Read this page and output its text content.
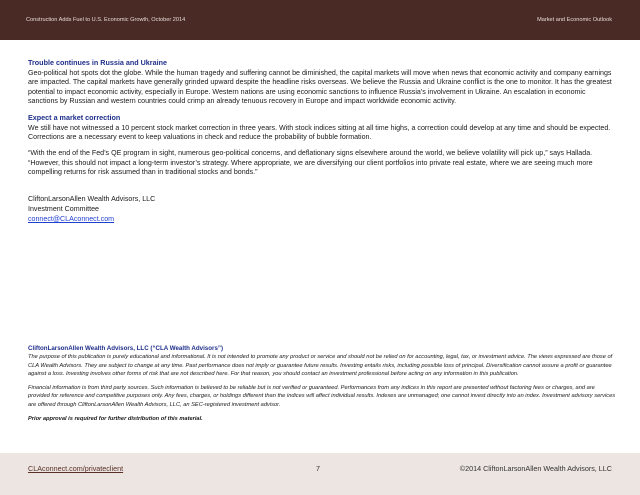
Construction Adds Fuel to U.S. Economic Growth, October 2014	Market and Economic Outlook

Trouble continues in Russia and Ukraine

Geo-political hot spots dot the globe. While the human tragedy and suffering cannot be diminished, the capital markets will move when news that economic activity and company earnings are impacted. The capital markets have generally grinded upward despite the headline risks overseas. We believe the Russia and Ukraine conflict is the one to monitor. It has the greatest potential to impact economic activity, especially in Europe. Western nations are using economic sanctions to influence Russia’s involvement in Ukraine. An escalation in economic sanctions by Russian and western countries could crimp an already tenuous recovery in Europe and impact worldwide economic activity.

Expect a market correction

We still have not witnessed a 10 percent stock market correction in three years. With stock indices sitting at all time highs, a correction could develop at any time and should be expected. Corrections are a necessary event to keep valuations in check and reduce the probability of bubble formation.

“With the end of the Fed’s QE program in sight, numerous geo-political concerns, and deflationary signs elsewhere around the world, we believe volatility will pick up,” says Hallada. “However, this should not impact a long-term investor’s strategy. Where appropriate, we are diversifying our client portfolios into private real estate, where we are seeing much more compelling returns for risk assumed than in traditional stocks and bonds.”

CliftonLarsonAllen Wealth Advisors, LLC
Investment Committee
connect@CLAconnect.com

CliftonLarsonAllen Wealth Advisors, LLC (“CLA Wealth Advisors”)

The purpose of this publication is purely educational and informational. It is not intended to promote any product or service and should not be relied on for accounting, legal, tax, or investment advice. The views expressed are those of CLA Wealth Advisors. They are subject to change at any time. Past performance does not imply or guarantee future results. Investing entails risks, including possible loss of principal. Diversification cannot assure a profit or guarantee against a loss. Investing involves other forms of risk that are not described here. For that reason, you should contact an investment professional before acting on any information in this publication.

Financial information is from third party sources. Such information is believed to be reliable but is not verified or guaranteed. Performances from any indices in this report are presented without factoring fees or charges, and are provided for reference and competitive purposes only. Any fees, charges, or holdings different than the indices will affect individual results. Indexes are unmanaged; one cannot invest directly into an index. Investment advisory services are offered through CliftonLarsonAllen Wealth Advisors, LLC, an SEC-registered investment advisor.

Prior approval is required for further distribution of this material.

CLAconnect.com/privateclient	7	©2014 CliftonLarsonAllen Wealth Advisors, LLC
